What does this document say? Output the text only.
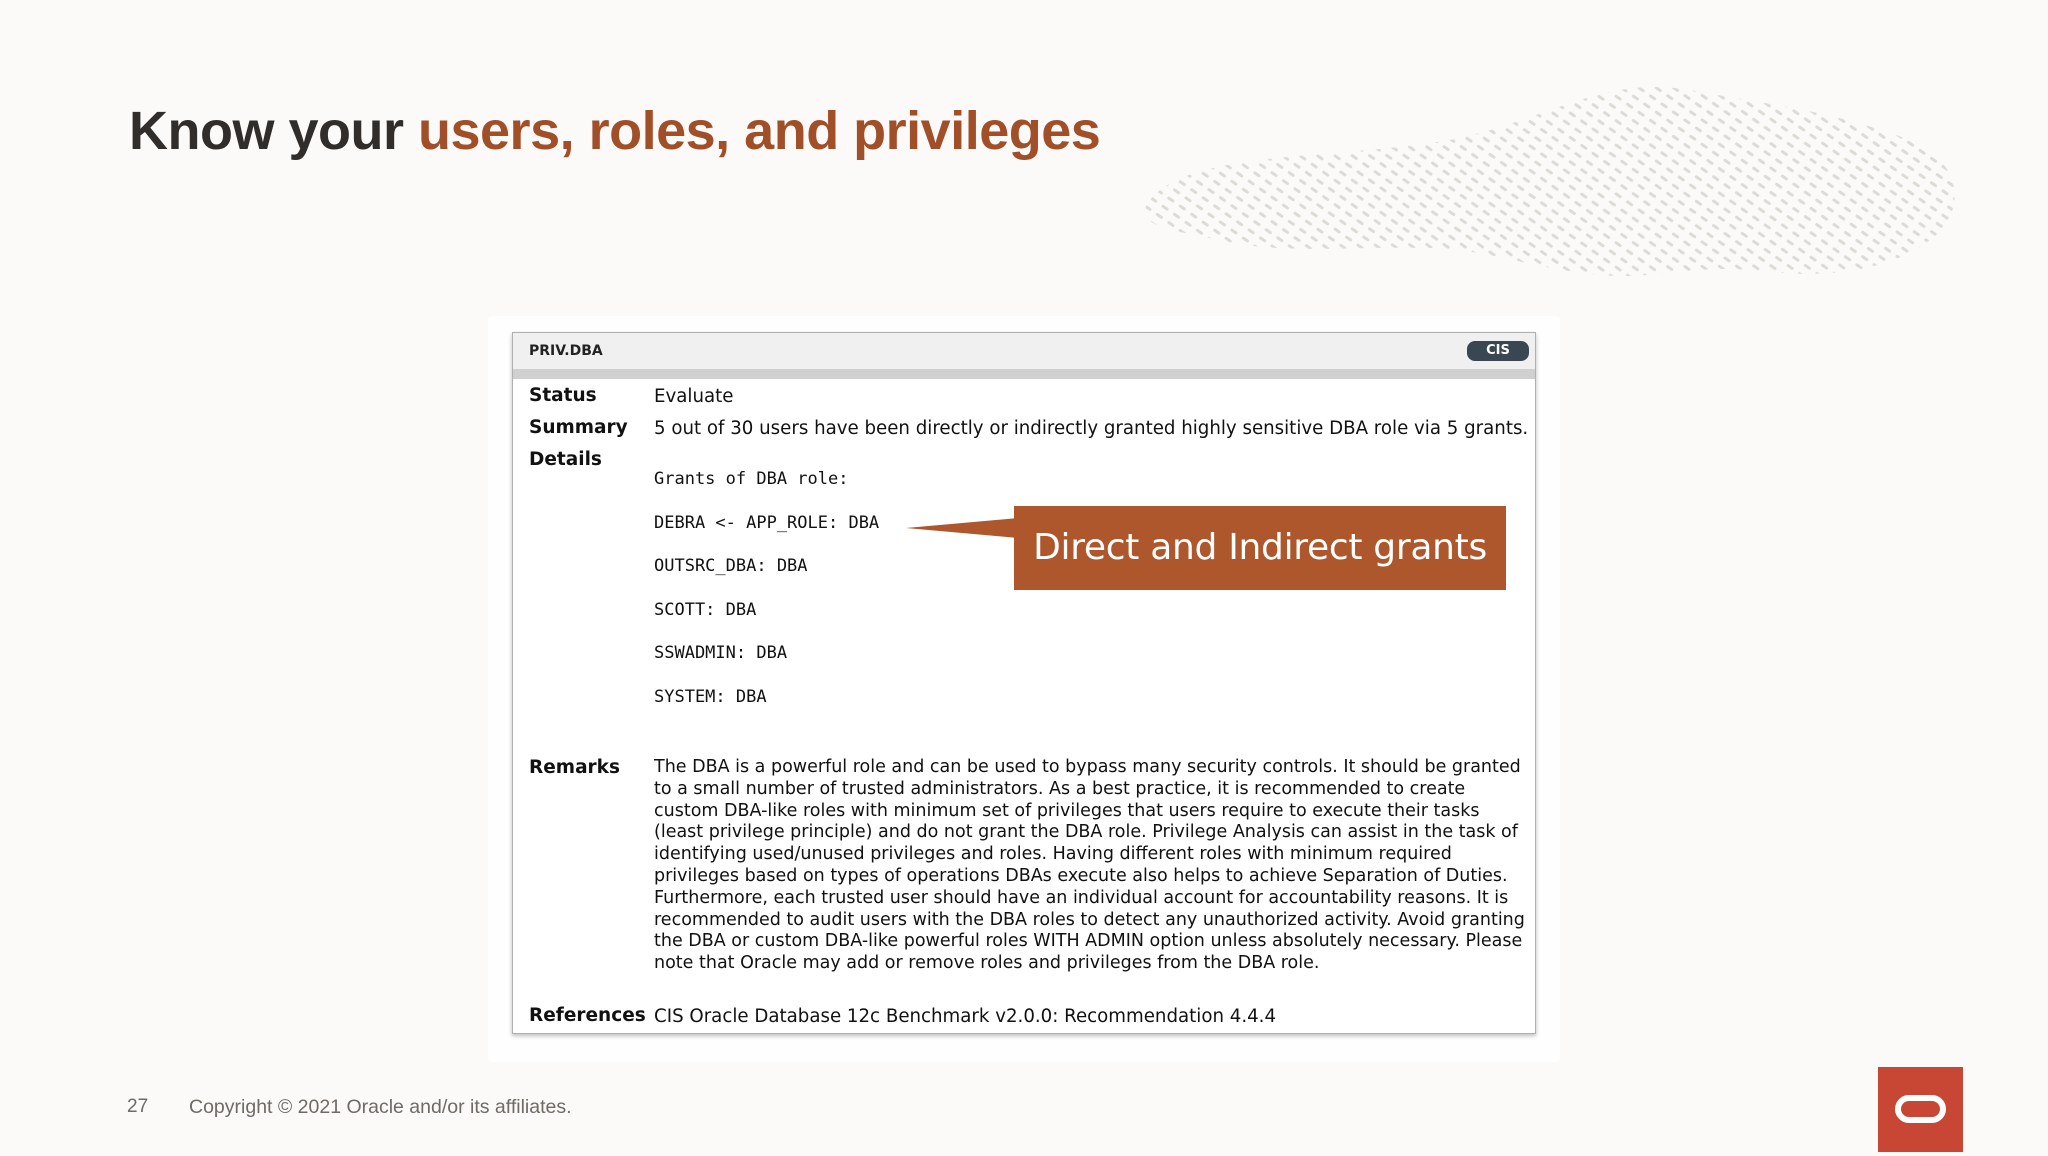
Know your users, roles, and privileges
PRIV.DBA	CIS
Status	Evaluate
Summary 5 out of 30 users have been directly or indirectly granted highly sensitive DBA role via 5 grants.
Details
Grants of DBA role:
DEBRA <- APP_ROLE: DBA
OUTSRC_DBA: DBA
SCOTT: DBA
SSWADMIN: DBA
SYSTEM: DBA
Remarks The DBA is a powerful role and can be used to bypass many security controls. It should be granted to a small number of trusted administrators. As a best practice, it is recommended to create custom DBA-like roles with minimum set of privileges that users require to execute their tasks (least privilege principle) and do not grant the DBA role. Privilege Analysis can assist in the task of identifying used/unused privileges and roles. Having different roles with minimum required privileges based on types of operations DBAs execute also helps to achieve Separation of Duties. Furthermore, each trusted user should have an individual account for accountability reasons. It is recommended to audit users with the DBA roles to detect any unauthorized activity. Avoid granting the DBA or custom DBA-like powerful roles WITH ADMIN option unless absolutely necessary. Please note that Oracle may add or remove roles and privileges from the DBA role.
References CIS Oracle Database 12c Benchmark v2.0.0: Recommendation 4.4.4
Direct and Indirect grants
27 Copyright © 2021 Oracle and/or its affiliates.
